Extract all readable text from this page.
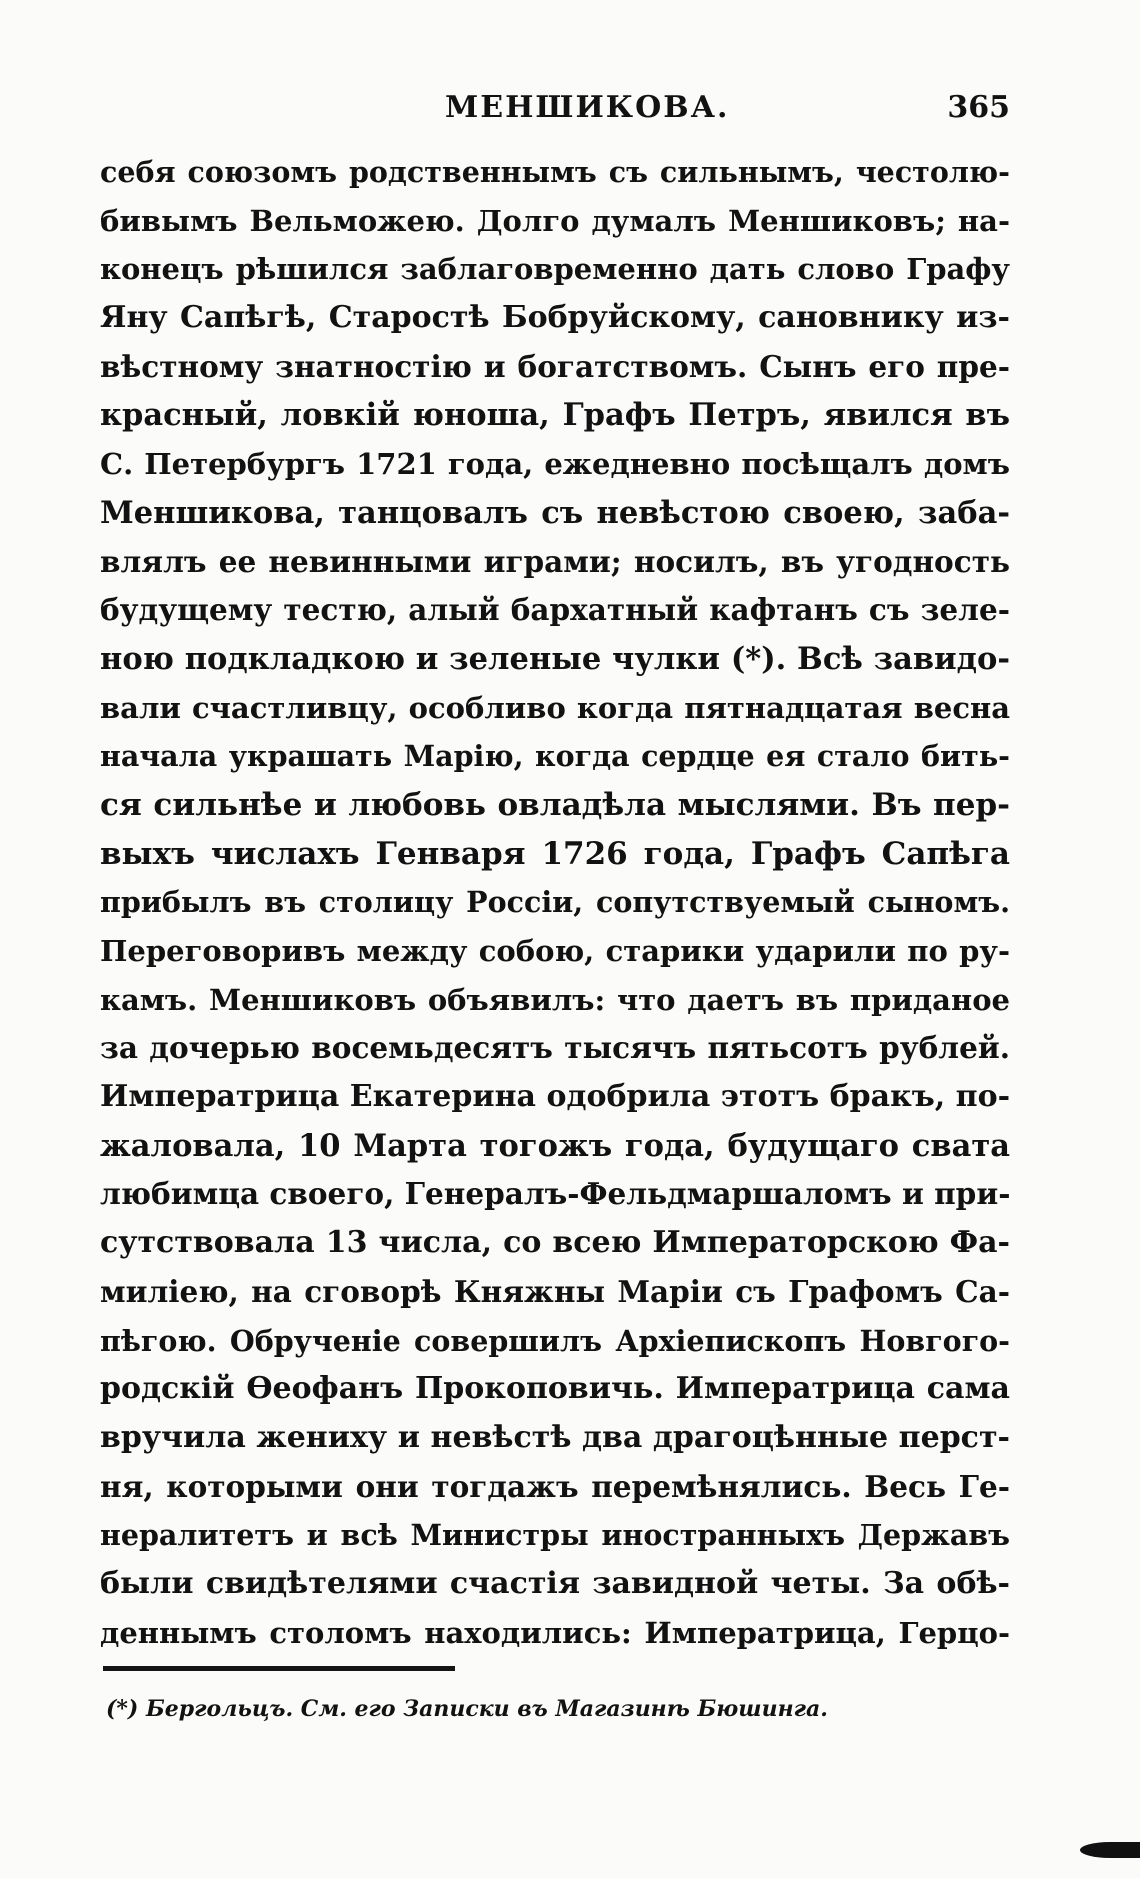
МЕНШИКОВА.	365
себя союзомъ родственнымъ съ сильнымъ, честолю-
бивымъ Вельможею. Долго думалъ Меншиковъ; на-
конецъ рѣшился заблаговременно дать слово Графу
Яну Сапѣгѣ, Старостѣ Бобруйскому, сановнику из-
вѣстному знатностію и богатствомъ. Сынъ его пре-
красный, ловкій юноша, Графъ Петръ, явился въ
С. Петербургъ 1721 года, ежедневно посѣщалъ домъ
Меншикова, танцовалъ съ невѣстою своею, забa-
влялъ ее невинными играми; носилъ, въ угодность
будущему тестю, алый бархатный кафтанъ съ зеле-
ною подкладкою и зеленые чулки (*). Всѣ завидо-
вали счастливцу, особливо когда пятнадцатая весна
начала украшать Марію, когда сердце ея стало бить-
ся сильнѣе и любовь овладѣла мыслями. Въ пер-
выхъ числахъ Генваря 1726 года, Графъ Сапѣга
прибылъ въ столицу Россіи, сопутствуемый сыномъ.
Переговоривъ между собою, старики ударили по ру-
камъ. Меншиковъ объявилъ: что даетъ въ приданое
за дочерью восемьдесятъ тысячъ пятьсотъ рублей.
Императрица Екатерина одобрила этотъ бракъ, по-
жаловала, 10 Марта тогожъ года, будущаго свата
любимца своего, Генералъ-Фельдмаршаломъ и при-
сутствовала 13 числа, со всею Императорскою Фа-
миліею, на сговорѣ Княжны Маріи съ Графомъ Са-
пѣгою. Обрученіе совершилъ Архіепископъ Новгого-
родскій Ѳеофанъ Прокоповичь. Императрица сама
вручила жениху и невѣстѣ два драгоцѣнные перст-
ня, которыми они тогдажъ перемѣнялись. Весь Ге-
нералитетъ и всѣ Министры иностранныхъ Державъ
были свидѣтелями счастія завидной четы. За обѣ-
деннымъ столомъ находились: Императрица, Герцо-
(*) Бергольцъ. См. его Записки въ Магазинѣ Бюшинга.
